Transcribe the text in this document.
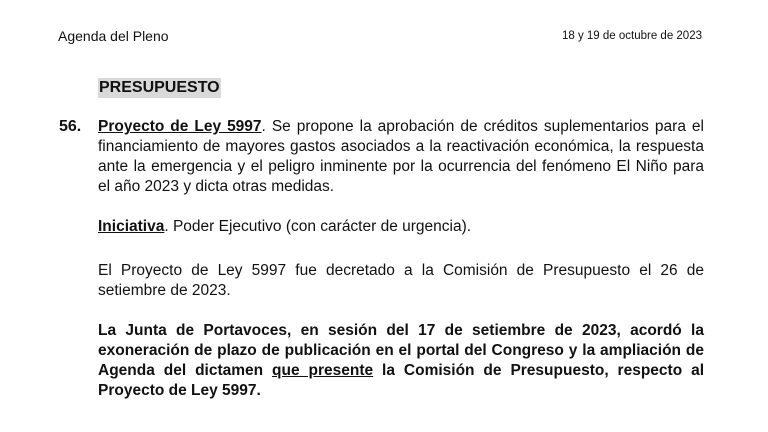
Agenda del Pleno	18 y 19 de octubre de 2023
PRESUPUESTO
56. Proyecto de Ley 5997. Se propone la aprobación de créditos suplementarios para el financiamiento de mayores gastos asociados a la reactivación económica, la respuesta ante la emergencia y el peligro inminente por la ocurrencia del fenómeno El Niño para el año 2023 y dicta otras medidas.
Iniciativa. Poder Ejecutivo (con carácter de urgencia).
El Proyecto de Ley 5997 fue decretado a la Comisión de Presupuesto el 26 de setiembre de 2023.
La Junta de Portavoces, en sesión del 17 de setiembre de 2023, acordó la exoneración de plazo de publicación en el portal del Congreso y la ampliación de Agenda del dictamen que presente la Comisión de Presupuesto, respecto al Proyecto de Ley 5997.
